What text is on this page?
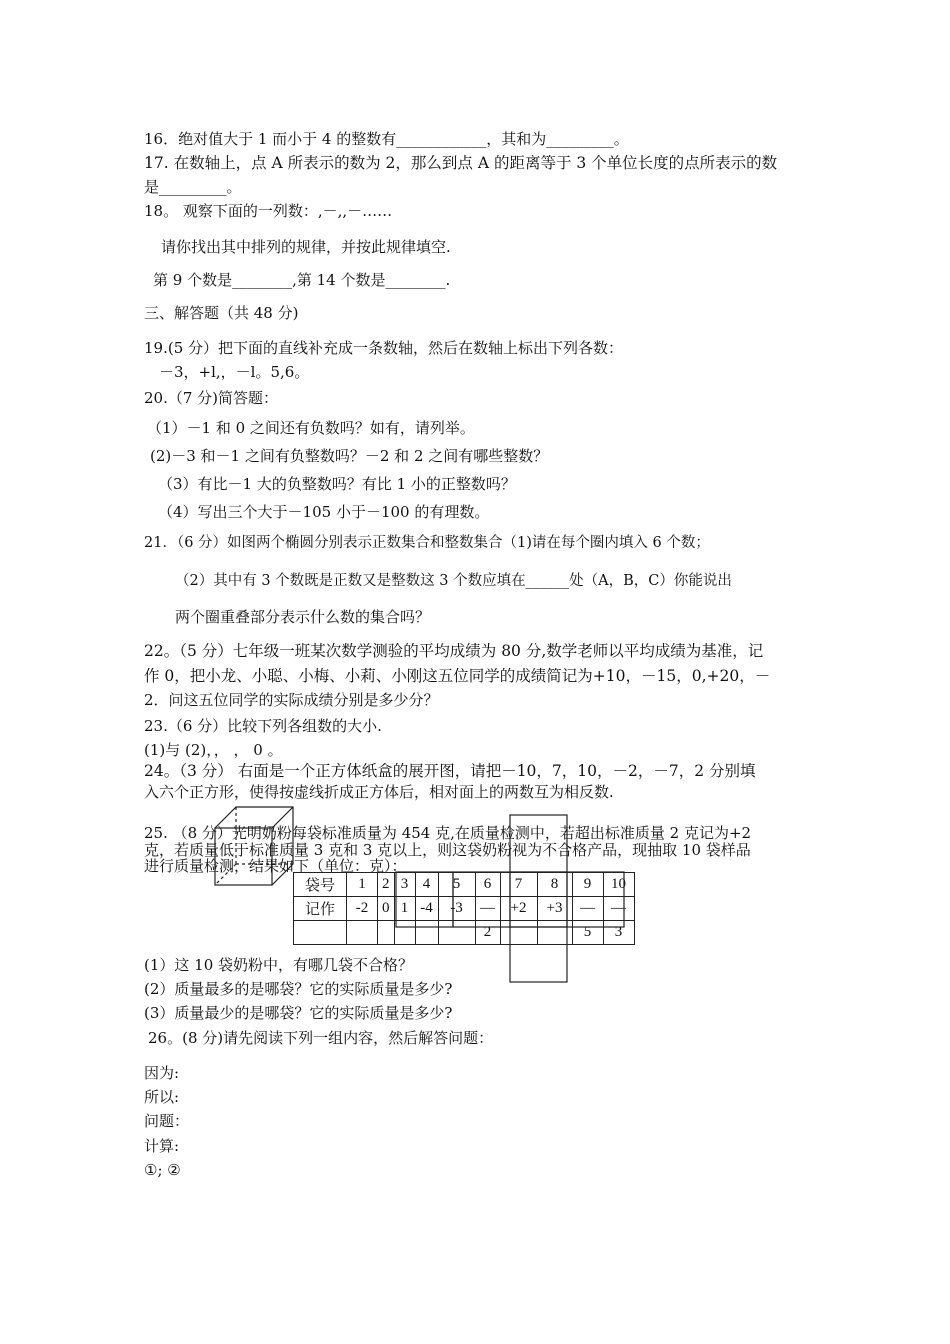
16．绝对值大于 1 而小于 4 的整数有____________，其和为_________。
17. 在数轴上，点 A 所表示的数为 2，那么到点 A 的距离等于 3 个单位长度的点所表示的数
是_________。
18。 观察下面的一列数：,－,,－……
请你找出其中排列的规律，并按此规律填空.
第 9 个数是________,第 14 个数是________.
三、解答题（共 48 分)
19.(5 分）把下面的直线补充成一条数轴，然后在数轴上标出下列各数：
－3，+l,，－l。5,6。
20.（7 分)简答题：
（1）－1 和 0 之间还有负数吗？如有，请列举。
(2)－3 和－1 之间有负整数吗？－2 和 2 之间有哪些整数？
（3）有比－1 大的负整数吗？有比 1 小的正整数吗？
（4）写出三个大于－105 小于－100 的有理数。
21．（6 分）如图两个椭圆分别表示正数集合和整数集合（1)请在每个圈内填入 6 个数；
（2）其中有 3 个数既是正数又是整数这 3 个数应填在______处（A，B，C）你能说出
两个圈重叠部分表示什么数的集合吗？
22。（5 分）七年级一班某次数学测验的平均成绩为 80 分,数学老师以平均成绩为基准，记
作 0，把小龙、小聪、小梅、小莉、小刚这五位同学的成绩简记为+10，－15，0,+20，－
2．问这五位同学的实际成绩分别是多少分？
23.（6 分）比较下列各组数的大小.
(1)与 (2)，， ， 0 。
24。（3 分） 右面是一个正方体纸盒的展开图，请把－10，7，10，－2，－7，2 分别填
入六个正方形，使得按虚线折成正方体后，相对面上的两数互为相反数.
25. （8 分）光明奶粉每袋标准质量为 454 克,在质量检测中，若超出标准质量 2 克记为+2
克，若质量低于标准质量 3 克和 3 克以上，则这袋奶粉视为不合格产品，现抽取 10 袋样品
进行质量检测，结果如下（单位：克）：
袋号	1	2	3	4	5	6	7	8	9	10
记作	-2	0	1	-4	-3	—	+2	+3	—	—
						2			5	3
(1）这 10 袋奶粉中，有哪几袋不合格？
(2）质量最多的是哪袋？它的实际质量是多少?
(3）质量最少的是哪袋？它的实际质量是多少?
26。(8 分)请先阅读下列一组内容，然后解答问题：
因为:
所以:
问题：
计算:
①; ②
